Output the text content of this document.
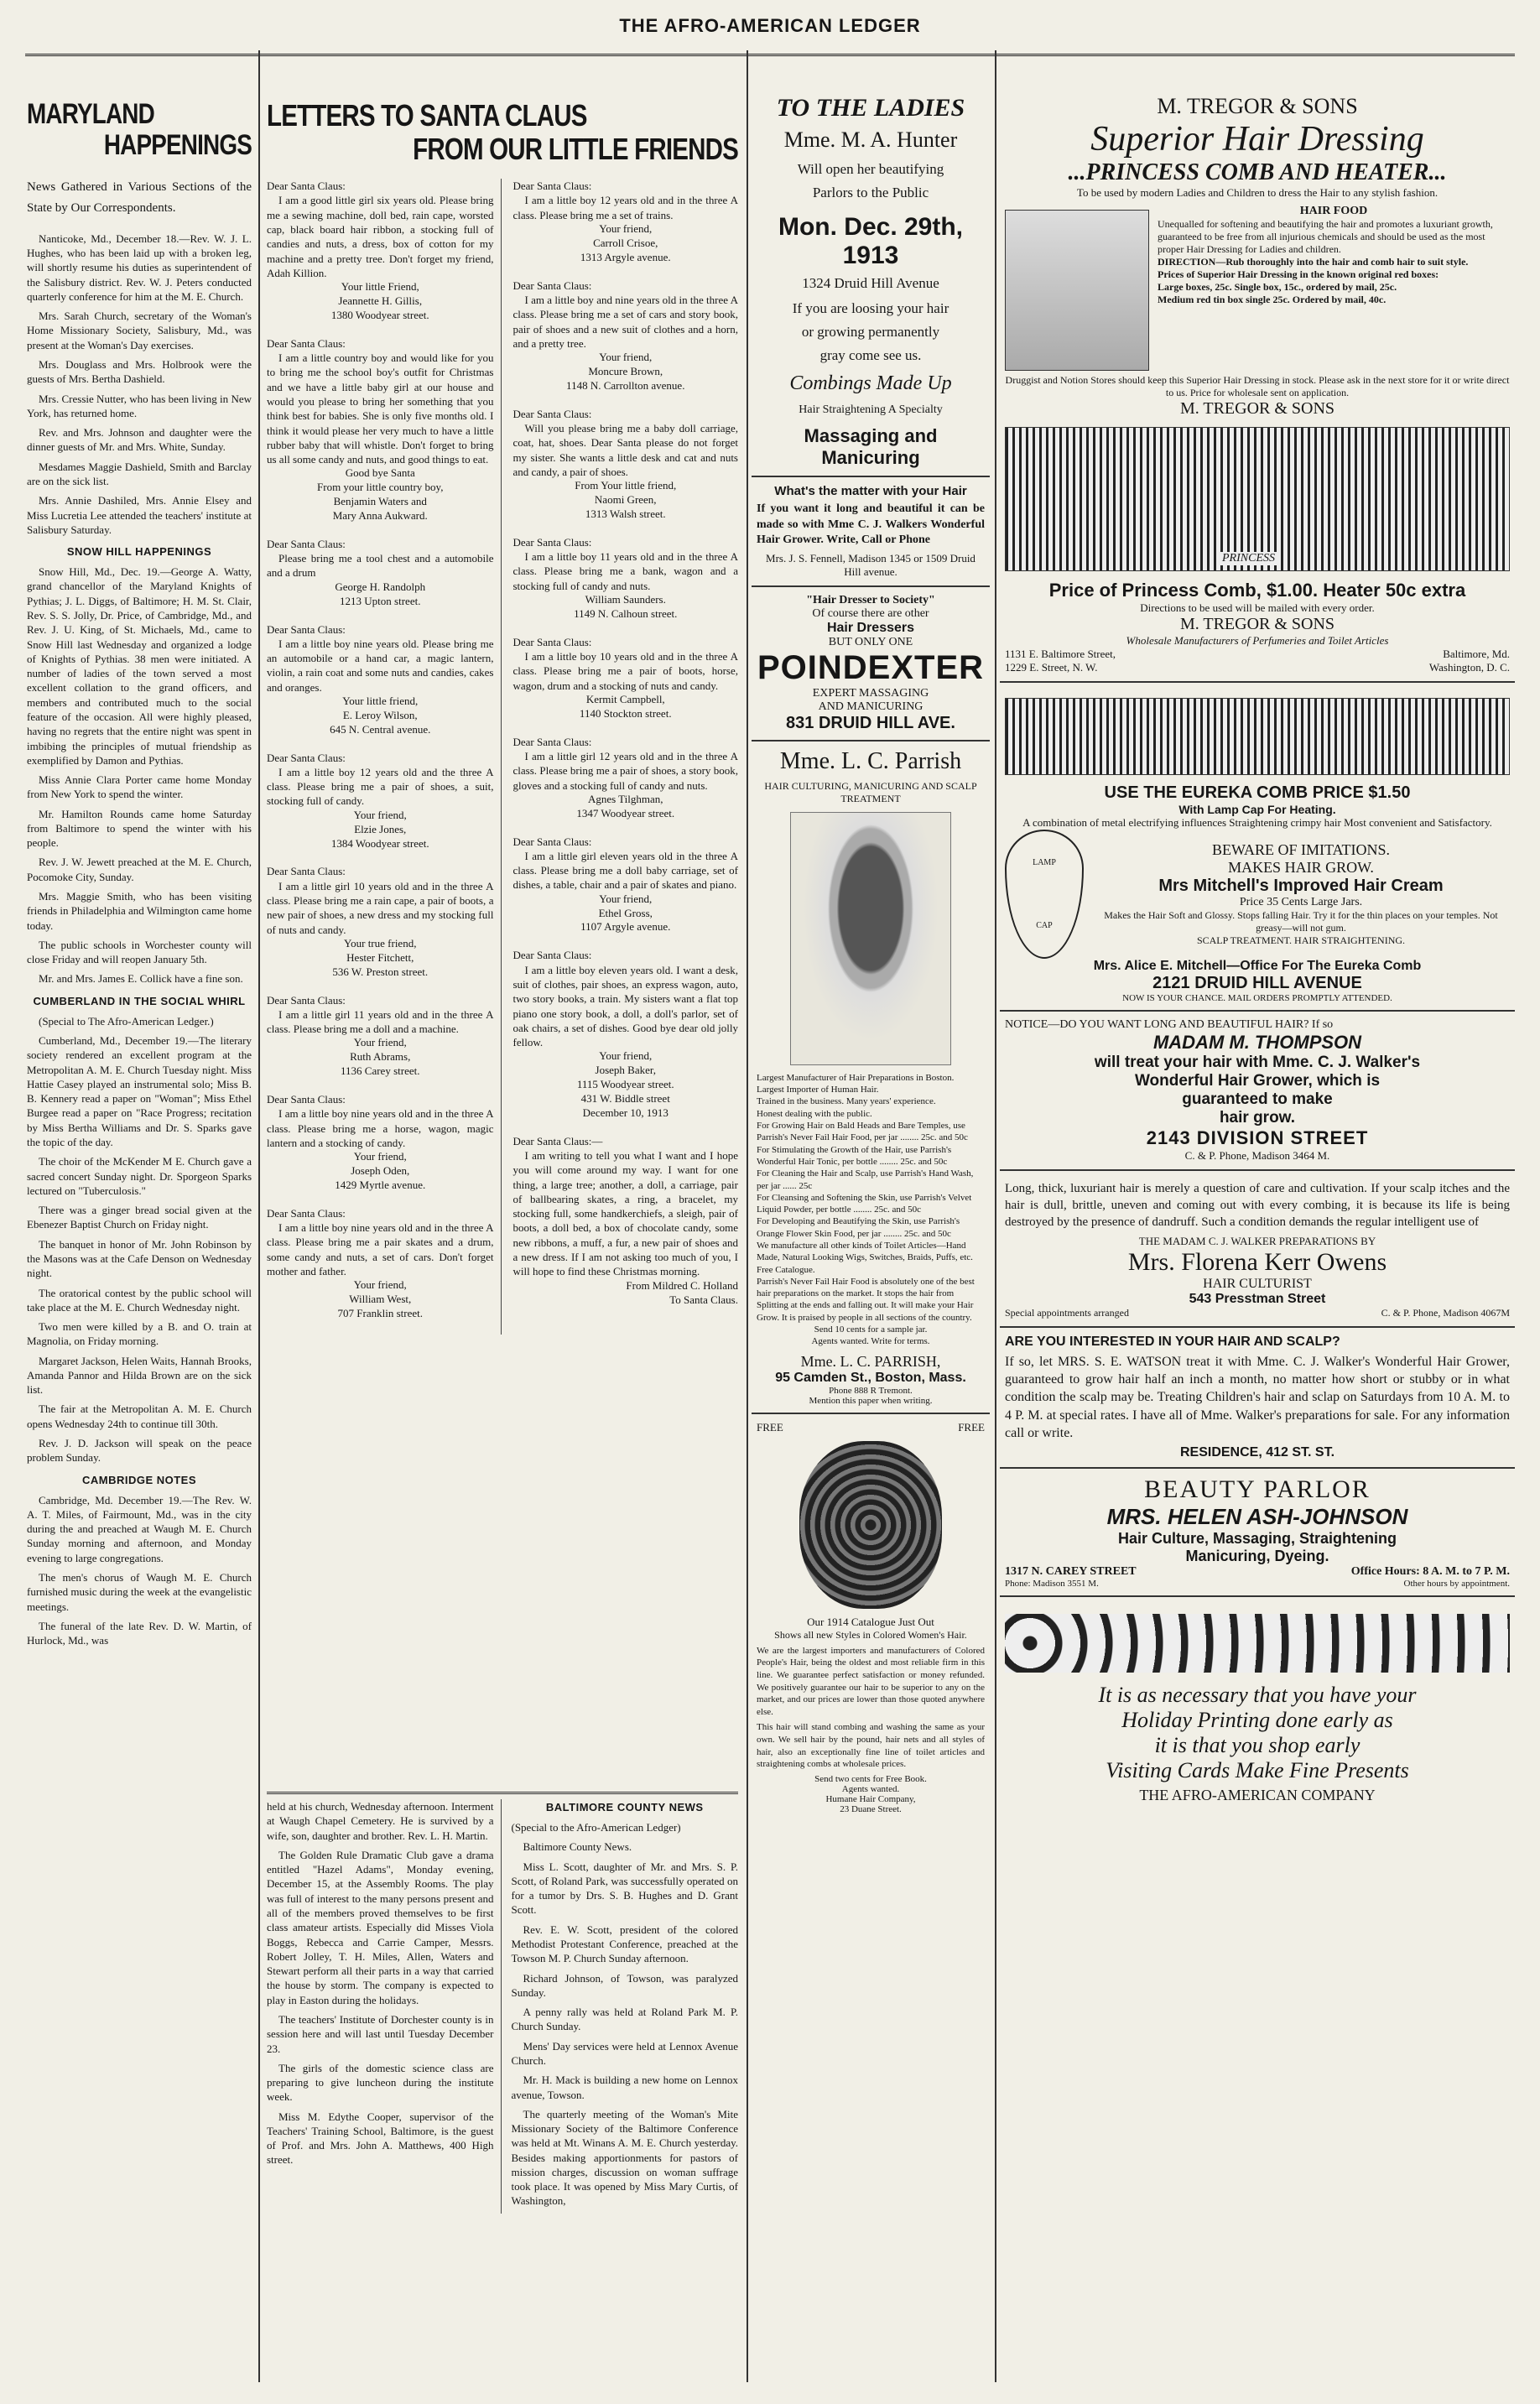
THE AFRO-AMERICAN LEDGER
MARYLAND
HAPPENINGS

News Gathered in Various Sections of the State by Our Correspondents.

Nanticoke, Md., December 18.—Rev. W. J. L. Hughes, who has been laid up with a broken leg, will shortly resume his duties as superintendent of the Salisbury district. Rev. W. J. Peters conducted quarterly conference for him at the M. E. Church.

Mrs. Sarah Church, secretary of the Woman's Home Missionary Society, Salisbury, Md., was present at the Woman's Day exercises.

Mrs. Douglass and Mrs. Holbrook were the guests of Mrs. Bertha Dashield.

Mrs. Cressie Nutter, who has been living in New York, has returned home.

Rev. and Mrs. Johnson and daughter were the dinner guests of Mr. and Mrs. White, Sunday.

Mesdames Maggie Dashield, Smith and Barclay are on the sick list.

Mrs. Annie Dashiled, Mrs. Annie Elsey and Miss Lucretia Lee attended the teachers' institute at Salisbury Saturday.

SNOW HILL HAPPENINGS

Snow Hill, Md., Dec. 19.—George A. Watty, grand chancellor of the Maryland Knights of Pythias; J. L. Diggs, of Baltimore; H. M. St. Clair, Rev. S. S. Jolly, Dr. Price, of Cambridge, Md., and Rev. J. U. King, of St. Michaels, Md., came to Snow Hill last Wednesday and organized a lodge of Knights of Pythias. 38 men were initiated. A number of ladies of the town served a most excellent collation to the grand officers, and members and contributed much to the social feature of the occasion. All were highly pleased, having no regrets that the entire night was spent in imbibing the principles of mutual friendship as exemplified by Damon and Pythias.

Miss Annie Clara Porter came home Monday from New York to spend the winter.

Mr. Hamilton Rounds came home Saturday from Baltimore to spend the winter with his people.

Rev. J. W. Jewett preached at the M. E. Church, Pocomoke City, Sunday.

Mrs. Maggie Smith, who has been visiting friends in Philadelphia and Wilmington came home today.

The public schools in Worchester county will close Friday and will reopen January 5th.

Mr. and Mrs. James E. Collick have a fine son.

CUMBERLAND IN THE SOCIAL WHIRL

(Special to The Afro-American Ledger.)

Cumberland, Md., December 19.—The literary society rendered an excellent program at the Metropolitan A. M. E. Church Tuesday night. Miss Hattie Casey played an instrumental solo; Miss B. B. Kennery read a paper on "Woman"; Miss Ethel Burgee read a paper on "Race Progress; recitation by Miss Bertha Williams and Dr. S. Sparks gave the topic of the day.

The choir of the McKender M E. Church gave a sacred concert Sunday night. Dr. Sporgeon Sparks lectured on "Tuberculosis."

There was a ginger bread social given at the Ebenezer Baptist Church on Friday night.

The banquet in honor of Mr. John Robinson by the Masons was at the Cafe Denson on Wednesday night.

The oratorical contest by the public school will take place at the M. E. Church Wednesday night.

Two men were killed by a B. and O. train at Magnolia, on Friday morning.

Margaret Jackson, Helen Waits, Hannah Brooks, Amanda Pannor and Hilda Brown are on the sick list.

The fair at the Metropolitan A. M. E. Church opens Wednesday 24th to continue till 30th.

Rev. J. D. Jackson will speak on the peace problem Sunday.

CAMBRIDGE NOTES

Cambridge, Md. December 19.—The Rev. W. A. T. Miles, of Fairmount, Md., was in the city during the and preached at Waugh M. E. Church Sunday morning and afternoon, and Monday evening to large congregations.

The men's chorus of Waugh M. E. Church furnished music during the week at the evangelistic meetings.

The funeral of the late Rev. D. W. Martin, of Hurlock, Md., was

LETTERS TO SANTA CLAUS
FROM OUR LITTLE FRIENDS

Dear Santa Claus:

I am a good little girl six years old. Please bring me a sewing machine, doll bed, rain cape, worsted cap, black board hair ribbon, a stocking full of candies and nuts, a dress, box of cotton for my machine and a pretty tree. Don't forget my friend, Adah Killion.

Your little Friend,
Jeannette H. Gillis,
1380 Woodyear street.

Dear Santa Claus:

I am a little country boy and would like for you to bring me the school boy's outfit for Christmas and we have a little baby girl at our house and would you please to bring her something that you think best for babies. She is only five months old. I think it would please her very much to have a little rubber baby that will whistle. Don't forget to bring us all some candy and nuts, and good things to eat.

Good bye Santa
From your little country boy,
Benjamin Waters and
Mary Anna Aukward.

Dear Santa Claus:

Please bring me a tool chest and a automobile and a drum

George H. Randolph
1213 Upton street.

Dear Santa Claus:

I am a little boy nine years old. Please bring me an automobile or a hand car, a magic lantern, violin, a rain coat and some nuts and candies, cakes and oranges.

Your little friend,
E. Leroy Wilson,
645 N. Central avenue.

Dear Santa Claus:

I am a little boy 12 years old and the three A class. Please bring me a pair of shoes, a suit, stocking full of candy.

Your friend,
Elzie Jones,
1384 Woodyear street.

Dear Santa Claus:

I am a little girl 10 years old and in the three A class. Please bring me a rain cape, a pair of boots, a new pair of shoes, a new dress and my stocking full of nuts and candy.

Your true friend,
Hester Fitchett,
536 W. Preston street.

Dear Santa Claus:

I am a little girl 11 years old and in the three A class. Please bring me a doll and a machine.

Your friend,
Ruth Abrams,
1136 Carey street.

Dear Santa Claus:

I am a little boy nine years old and in the three A class. Please bring me a horse, wagon, magic lantern and a stocking of candy.

Your friend,
Joseph Oden,
1429 Myrtle avenue.

Dear Santa Claus:

I am a little boy nine years old and in the three A class. Please bring me a pair skates and a drum, some candy and nuts, a set of cars. Don't forget mother and father.

Your friend,
William West,
707 Franklin street.

Dear Santa Claus:

I am a little boy 12 years old and in the three A class. Please bring me a set of trains.

Your friend,
Carroll Crisoe,
1313 Argyle avenue.

Dear Santa Claus:

I am a little boy and nine years old in the three A class. Please bring me a set of cars and story book, pair of shoes and a new suit of clothes and a horn, and a pretty tree.

Your friend,
Moncure Brown,
1148 N. Carrollton avenue.

Dear Santa Claus:

Will you please bring me a baby doll carriage, coat, hat, shoes. Dear Santa please do not forget my sister. She wants a little desk and cat and nuts and candy, a pair of shoes.

From Your little friend,
Naomi Green,
1313 Walsh street.

Dear Santa Claus:

I am a little boy 11 years old and in the three A class. Please bring me a bank, wagon and a stocking full of candy and nuts.

William Saunders.
1149 N. Calhoun street.

Dear Santa Claus:

I am a little boy 10 years old and in the three A class. Please bring me a pair of boots, horse, wagon, drum and a stocking of nuts and candy.

Kermit Campbell,
1140 Stockton street.

Dear Santa Claus:

I am a little girl 12 years old and in the three A class. Please bring me a pair of shoes, a story book, gloves and a stocking full of candy and nuts.

Agnes Tilghman,
1347 Woodyear street.

Dear Santa Claus:

I am a little girl eleven years old in the three A class. Please bring me a doll baby carriage, set of dishes, a table, chair and a pair of skates and piano.

Your friend,
Ethel Gross,
1107 Argyle avenue.

Dear Santa Claus:

I am a little boy eleven years old. I want a desk, suit of clothes, pair shoes, an express wagon, auto, two story books, a train. My sisters want a flat top piano one story book, a doll, a doll's parlor, set of oak chairs, a set of dishes. Good bye dear old jolly fellow.

Your friend,
Joseph Baker,
1115 Woodyear street.
431 W. Biddle street
December 10, 1913

Dear Santa Claus:—

I am writing to tell you what I want and I hope you will come around my way. I want for one thing, a large tree; another, a doll, a carriage, pair of ballbearing skates, a ring, a bracelet, my stocking full, some handkerchiefs, a sleigh, pair of boots, a doll bed, a box of chocolate candy, some new ribbons, a muff, a fur, a new pair of shoes and a new dress. If I am not asking too much of you, I will hope to find these Christmas morning.

From Mildred C. Holland
To Santa Claus.

held at his church, Wednesday afternoon. Interment at Waugh Chapel Cemetery. He is survived by a wife, son, daughter and brother. Rev. L. H. Martin.

The Golden Rule Dramatic Club gave a drama entitled "Hazel Adams", Monday evening, December 15, at the Assembly Rooms. The play was full of interest to the many persons present and all of the members proved themselves to be first class amateur artists. Especially did Misses Viola Boggs, Rebecca and Carrie Camper, Messrs. Robert Jolley, T. H. Miles, Allen, Waters and Stewart perform all their parts in a way that carried the house by storm. The company is expected to play in Easton during the holidays.

The teachers' Institute of Dorchester county is in session here and will last until Tuesday December 23.

The girls of the domestic science class are preparing to give luncheon during the institute week.

Miss M. Edythe Cooper, supervisor of the Teachers' Training School, Baltimore, is the guest of Prof. and Mrs. John A. Matthews, 400 High street.

BALTIMORE COUNTY NEWS

(Special to the Afro-American Ledger)

Baltimore County News.

Miss L. Scott, daughter of Mr. and Mrs. S. P. Scott, of Roland Park, was successfully operated on for a tumor by Drs. S. B. Hughes and D. Grant Scott.

Rev. E. W. Scott, president of the colored Methodist Protestant Conference, preached at the Towson M. P. Church Sunday afternoon.

Richard Johnson, of Towson, was paralyzed Sunday.

A penny rally was held at Roland Park M. P. Church Sunday.

Mens' Day services were held at Lennox Avenue Church.

Mr. H. Mack is building a new home on Lennox avenue, Towson.

The quarterly meeting of the Woman's Mite Missionary Society of the Baltimore Conference was held at Mt. Winans A. M. E. Church yesterday. Besides making apportionments for pastors of mission charges, discussion on woman suffrage took place. It was opened by Miss Mary Curtis, of Washington,

TO THE LADIES
Mme. M. A. Hunter
Will open her beautifying
Parlors to the Public
Mon. Dec. 29th, 1913
1324 Druid Hill Avenue
If you are loosing your hair
or growing permanently
gray come see us.
Combings Made Up
Hair Straightening A Specialty
Massaging and Manicuring
What's the matter with your Hair

If you want it long and beautiful it can be made so with Mme C. J. Walkers Wonderful Hair Grower. Write, Call or Phone

Mrs. J. S. Fennell, Madison 1345 or 1509 Druid Hill avenue.
"Hair Dresser to Society"
Of course there are other
Hair Dressers
BUT ONLY ONE
POINDEXTER
EXPERT MASSAGING
AND MANICURING
831 DRUID HILL AVE.
Mme. L. C. Parrish
HAIR CULTURING, MANICURING AND SCALP TREATMENT
Largest Manufacturer of Hair Preparations in Boston.
Largest Importer of Human Hair.
Trained in the business. Many years' experience.
Honest dealing with the public.
For Growing Hair on Bald Heads and Bare Temples, use Parrish's Never Fail Hair Food, per jar ........ 25c. and 50c
For Stimulating the Growth of the Hair, use Parrish's Wonderful Hair Tonic, per bottle ........ 25c. and 50c
For Cleaning the Hair and Scalp, use Parrish's Hand Wash, per jar ...... 25c
For Cleansing and Softening the Skin, use Parrish's Velvet Liquid Powder, per bottle ........ 25c. and 50c
For Developing and Beautifying the Skin, use Parrish's Orange Flower Skin Food, per jar ........ 25c. and 50c
We manufacture all other kinds of Toilet Articles—Hand Made, Natural Looking Wigs, Switches, Braids, Puffs, etc. Free Catalogue.
Parrish's Never Fail Hair Food is absolutely one of the best hair preparations on the market. It stops the hair from Splitting at the ends and falling out. It will make your Hair Grow. It is praised by people in all sections of the country.
Send 10 cents for a sample jar.
Agents wanted. Write for terms.
Mme. L. C. PARRISH,
95 Camden St., Boston, Mass.
Phone 888 R Tremont.
Mention this paper when writing.
FREE	FREE
Our 1914 Catalogue Just Out
Shows all new Styles in Colored Women's Hair.

We are the largest importers and manufacturers of Colored People's Hair, being the oldest and most reliable firm in this line. We guarantee perfect satisfaction or money refunded. We positively guarantee our hair to be superior to any on the market, and our prices are lower than those quoted anywhere else.

This hair will stand combing and washing the same as your own. We sell hair by the pound, hair nets and all styles of hair, also an exceptionally fine line of toilet articles and straightening combs at wholesale prices.

Send two cents for Free Book.
Agents wanted.
Humane Hair Company,
23 Duane Street.
M. TREGOR & SONS
Superior Hair Dressing
...PRINCESS COMB AND HEATER...
To be used by modern Ladies and Children to dress the Hair to any stylish fashion.
HAIR FOOD
Unequalled for softening and beautifying the hair and promotes a luxuriant growth, guaranteed to be free from all injurious chemicals and should be used as the most proper Hair Dressing for Ladies and children.
DIRECTION—Rub thoroughly into the hair and comb hair to suit style.
Prices of Superior Hair Dressing in the known original red boxes:
Large boxes, 25c. Single box, 15c., ordered by mail, 25c.
Medium red tin box single 25c. Ordered by mail, 40c.
Druggist and Notion Stores should keep this Superior Hair Dressing in stock. Please ask in the next store for it or write direct to us. Price for wholesale sent on application.
M. TREGOR & SONS
PRINCESS
Price of Princess Comb, $1.00. Heater 50c extra
Directions to be used will be mailed with every order.
M. TREGOR & SONS
Wholesale Manufacturers of Perfumeries and Toilet Articles
1131 E. Baltimore Street,	Baltimore, Md.
1229 E. Street, N. W.	Washington, D. C.
USE THE EUREKA COMB PRICE $1.50
With Lamp Cap For Heating.
A combination of metal electrifying influences Straightening crimpy hair Most convenient and Satisfactory.
LAMP
CAP
BEWARE OF IMITATIONS.
MAKES HAIR GROW.
Mrs Mitchell's Improved Hair Cream
Price 35 Cents Large Jars.
Makes the Hair Soft and Glossy. Stops falling Hair. Try it for the thin places on your temples. Not greasy—will not gum.
SCALP TREATMENT. HAIR STRAIGHTENING.
Mrs. Alice E. Mitchell—Office For The Eureka Comb
2121 DRUID HILL AVENUE
NOW IS YOUR CHANCE. MAIL ORDERS PROMPTLY ATTENDED.
NOTICE—DO YOU WANT LONG AND BEAUTIFUL HAIR? If so
MADAM M. THOMPSON
will treat your hair with Mme. C. J. Walker's
Wonderful Hair Grower, which is
guaranteed to make
hair grow.
2143 DIVISION STREET
C. & P. Phone, Madison 3464 M.

Long, thick, luxuriant hair is merely a question of care and cultivation. If your scalp itches and the hair is dull, brittle, uneven and coming out with every combing, it is because its life is being destroyed by the presence of dandruff. Such a condition demands the regular intelligent use of

THE MADAM C. J. WALKER PREPARATIONS BY
Mrs. Florena Kerr Owens
HAIR CULTURIST
543 Presstman Street
Special appointments arranged	C. & P. Phone, Madison 4067M
ARE YOU INTERESTED IN YOUR HAIR AND SCALP?

If so, let MRS. S. E. WATSON treat it with Mme. C. J. Walker's Wonderful Hair Grower, guaranteed to grow hair half an inch a month, no matter how short or stubby or in what condition the scalp may be. Treating Children's hair and sclap on Saturdays from 10 A. M. to 4 P. M. at special rates. I have all of Mme. Walker's preparations for sale. For any information call or write.

RESIDENCE, 412 ST. ST.
BEAUTY PARLOR
MRS. HELEN ASH-JOHNSON
Hair Culture, Massaging, Straightening
Manicuring, Dyeing.
1317 N. CAREY STREET	Office Hours: 8 A. M. to 7 P. M.
Phone: Madison 3551 M.	Other hours by appointment.
It is as necessary that you have your
Holiday Printing done early as
it is that you shop early
Visiting Cards Make Fine Presents
THE AFRO-AMERICAN COMPANY
